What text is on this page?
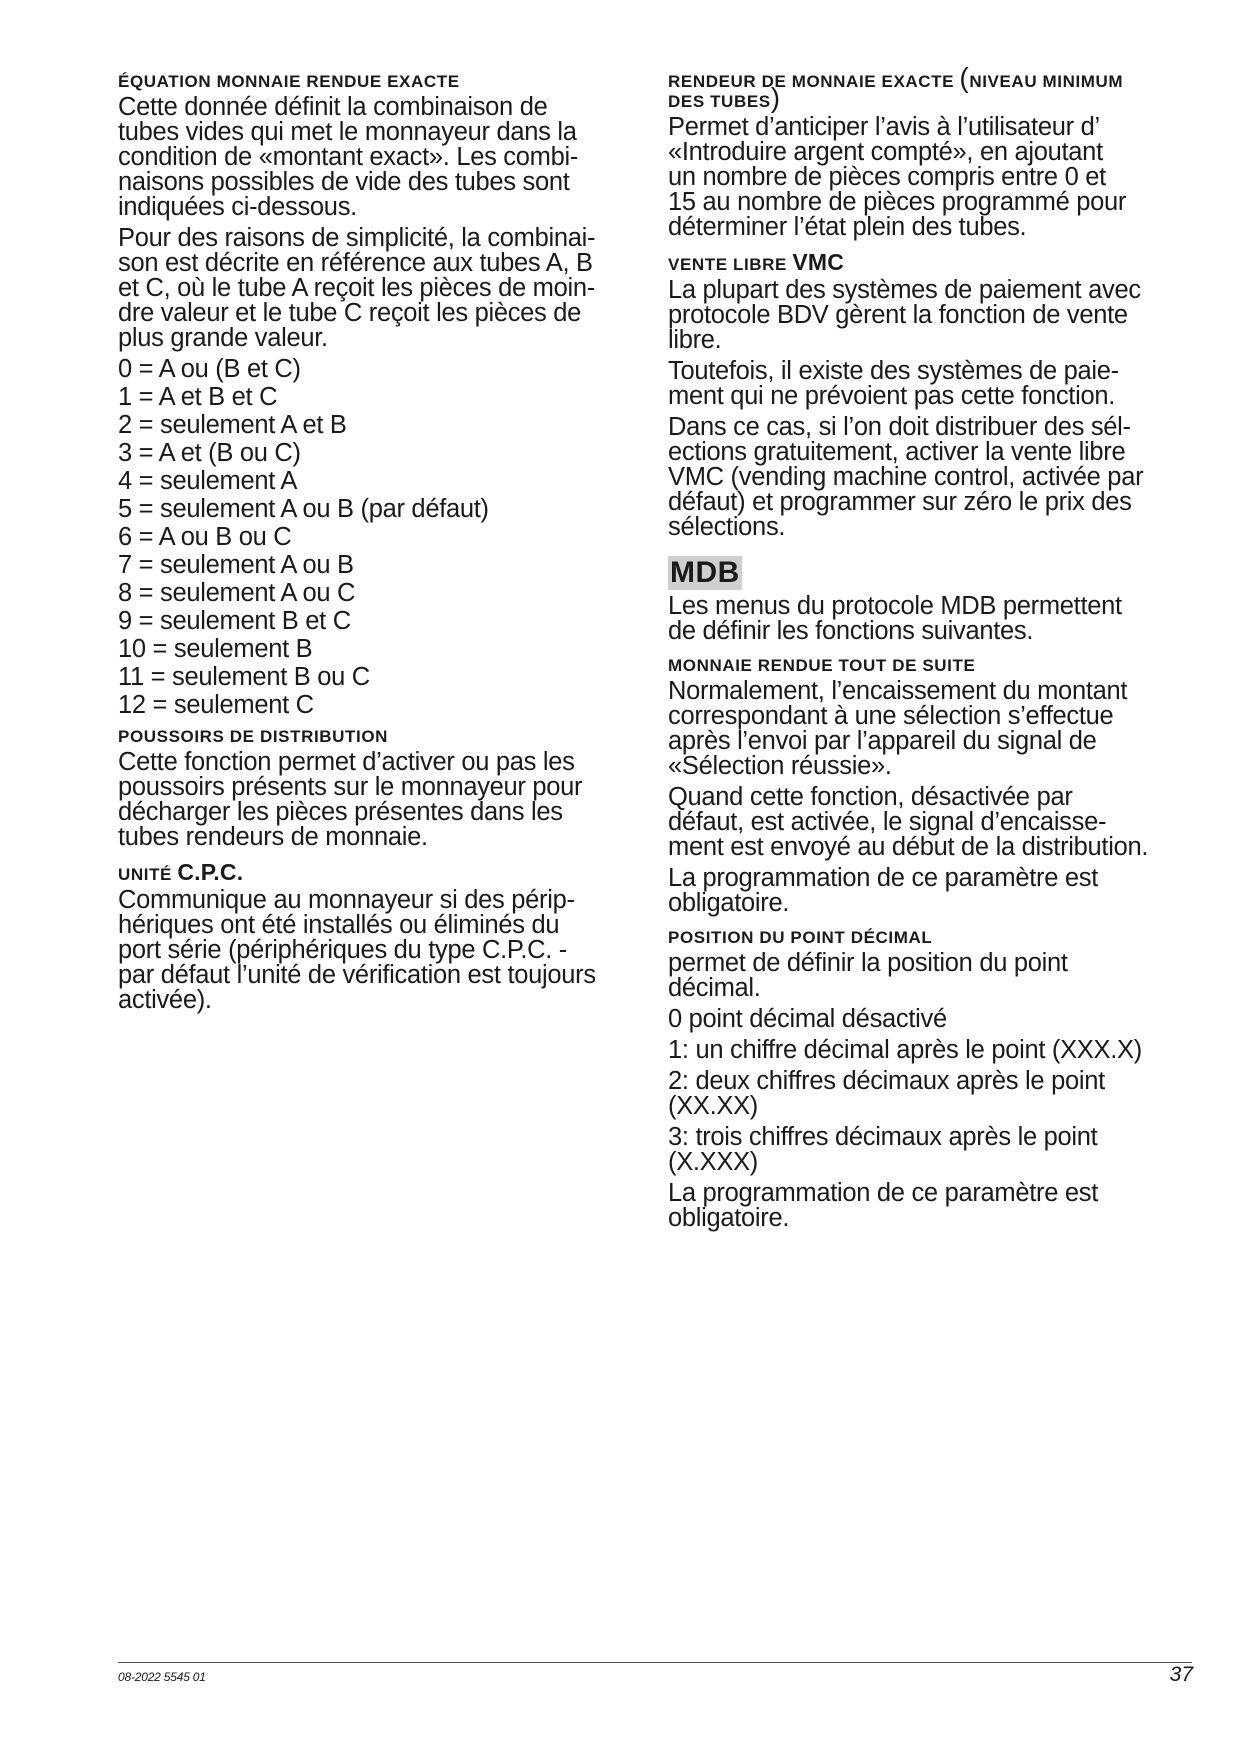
ÉQUATION MONNAIE RENDUE EXACTE
Cette donnée définit la combinaison de
tubes vides qui met le monnayeur dans la
condition de «montant exact». Les combi-
naisons possibles de vide des tubes sont
indiquées ci-dessous.
Pour des raisons de simplicité, la combinai-
son est décrite en référence aux tubes A, B
et C, où le tube A reçoit les pièces de moin-
dre valeur et le tube C reçoit les pièces de
plus grande valeur.
0 = A ou (B et C)
1 = A et B et C
2 = seulement A et B
3 = A et (B ou C)
4 = seulement A
5 = seulement A ou B (par défaut)
6 = A ou B ou C
7 = seulement A ou B
8 = seulement A ou C
9 = seulement B et C
10 = seulement B
11 = seulement B ou C
12 = seulement C
POUSSOIRS DE DISTRIBUTION
Cette fonction permet d’activer ou pas les
poussoirs présents sur le monnayeur pour
décharger les pièces présentes dans les
tubes rendeurs de monnaie.
UNITÉ C.P.C.
Communique au monnayeur si des périp-
hériques ont été installés ou éliminés du
port série (périphériques du type C.P.C. -
par défaut l’unité de vérification est toujours
activée).
RENDEUR DE MONNAIE EXACTE (NIVEAU MINIMUM
DES TUBES)
Permet d’anticiper l’avis à l’utilisateur d’
«Introduire argent compté», en ajoutant
un nombre de pièces compris entre 0 et
15 au nombre de pièces programmé pour
déterminer l’état plein des tubes.
VENTE LIBRE VMC
La plupart des systèmes de paiement avec
protocole BDV gèrent la fonction de vente
libre.
Toutefois, il existe des systèmes de paie-
ment qui ne prévoient pas cette fonction.
Dans ce cas, si l’on doit distribuer des sél-
ections gratuitement, activer la vente libre
VMC (vending machine control, activée par
défaut) et programmer sur zéro le prix des
sélections.
MDB
Les menus du protocole MDB permettent
de définir les fonctions suivantes.
MONNAIE RENDUE TOUT DE SUITE
Normalement, l’encaissement du montant
correspondant à une sélection s’effectue
après l’envoi par l’appareil du signal de
«Sélection réussie».
Quand cette fonction, désactivée par
défaut, est activée, le signal d’encaisse-
ment est envoyé au début de la distribution.
La programmation de ce paramètre est
obligatoire.
POSITION DU POINT DÉCIMAL
permet de définir la position du point
décimal.
0 point décimal désactivé
1: un chiffre décimal après le point (XXX.X)
2: deux chiffres décimaux après le point
(XX.XX)
3: trois chiffres décimaux après le point
(X.XXX)
La programmation de ce paramètre est
obligatoire.
08-2022 5545 01	37
